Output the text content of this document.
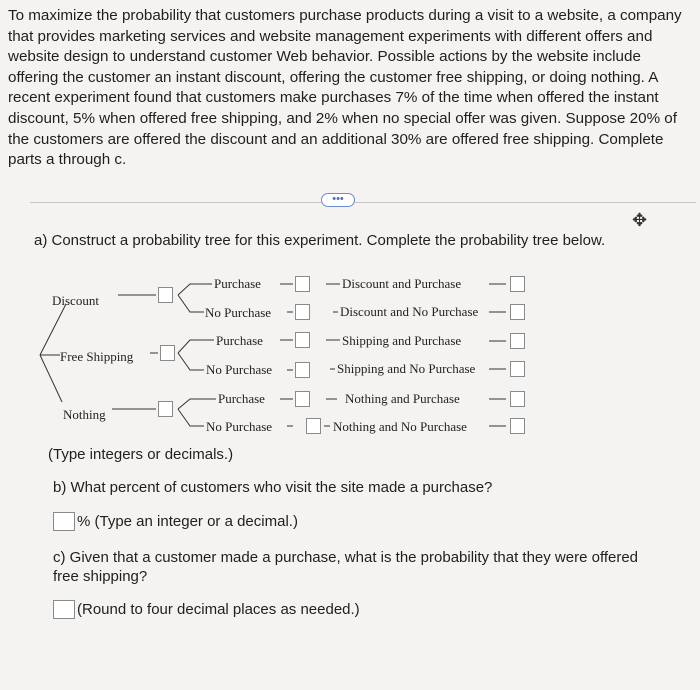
To maximize the probability that customers purchase products during a visit to a website, a company that provides marketing services and website management experiments with different offers and website design to understand customer Web behavior. Possible actions by the website include offering the customer an instant discount, offering the customer free shipping, or doing nothing. A recent experiment found that customers make purchases 7% of the time when offered the instant discount, 5% when offered free shipping, and 2% when no special offer was given. Suppose 20% of the customers are offered the discount and an additional 30% are offered free shipping. Complete parts a through c.
•••
✥
a) Construct a probability tree for this experiment. Complete the probability tree below.
Discount
Free Shipping
Nothing
Purchase
No Purchase
Purchase
No Purchase
Purchase
No Purchase
Discount and Purchase
Discount and No Purchase
Shipping and Purchase
Shipping and No Purchase
Nothing and Purchase
Nothing and No Purchase
(Type integers or decimals.)
b) What percent of customers who visit the site made a purchase?
% (Type an integer or a decimal.)
c) Given that a customer made a purchase, what is the probability that they were offered free shipping?
(Round to four decimal places as needed.)
